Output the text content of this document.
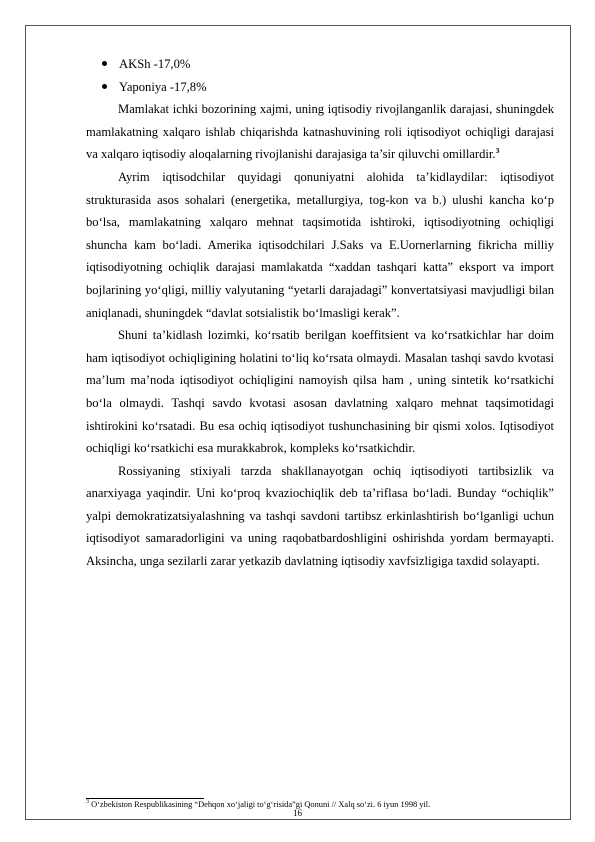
AKSh -17,0%
Yaponiya -17,8%

Mamlakat ichki bozorining xajmi, uning iqtisodiy rivojlanganlik darajasi, shuningdek mamlakatning xalqaro ishlab chiqarishda katnashuvining roli iqtisodiyot ochiqligi darajasi va xalqaro iqtisodiy aloqalarning rivojlanishi darajasiga ta’sir qiluvchi omillardir.$^3$

Ayrim iqtisodchilar quyidagi qonuniyatni alohida ta’kidlaydilar: iqtisodiyot strukturasida asos sohalari (energetika, metallurgiya, tog-kon va b.) ulushi kancha ko‘p bo‘lsa, mamlakatning xalqaro mehnat taqsimotida ishtiroki, iqtisodiyotning ochiqligi shuncha kam bo‘ladi. Amerika iqtisodchilari J.Saks va E.Uornerlarning fikricha milliy iqtisodiyotning ochiqlik darajasi mamlakatda “xaddan tashqari katta” eksport va import bojlarining yo‘qligi, milliy valyutaning “yetarli darajadagi” konvertatsiyasi mavjudligi bilan aniqlanadi, shuningdek “davlat sotsialistik bo‘lmasligi kerak”.

Shuni ta’kidlash lozimki, ko‘rsatib berilgan koeffitsient va ko‘rsatkichlar har doim ham iqtisodiyot ochiqligining holatini to‘liq ko‘rsata olmaydi. Masalan tashqi savdo kvotasi ma’lum ma’noda iqtisodiyot ochiqligini namoyish qilsa ham , uning sintetik ko‘rsatkichi bo‘la olmaydi. Tashqi savdo kvotasi asosan davlatning xalqaro mehnat taqsimotidagi ishtirokini ko‘rsatadi. Bu esa ochiq iqtisodiyot tushunchasining bir qismi xolos. Iqtisodiyot ochiqligi ko‘rsatkichi esa murakkabrok, kompleks ko‘rsatkichdir.

Rossiyaning stixiyali tarzda shakllanayotgan ochiq iqtisodiyoti tartibsizlik va anarxiyaga yaqindir. Uni ko‘proq kvaziochiqlik deb ta’riflasa bo‘ladi. Bunday “ochiqlik” yalpi demokratizatsiyalashning va tashqi savdoni tartibsz erkinlashtirish bo‘lganligi uchun iqtisodiyot samaradorligini va uning raqobatbardoshligini oshirishda yordam bermayapti. Aksincha, unga sezilarli zarar yetkazib davlatning iqtisodiy xavfsizligiga taxdid solayapti.

$^3$ O‘zbekiston Respublikasining “Dehqon xo‘jaligi to‘g‘risida”gi Qonuni // Xalq so‘zi. 6 iyun 1998 yil.
16
